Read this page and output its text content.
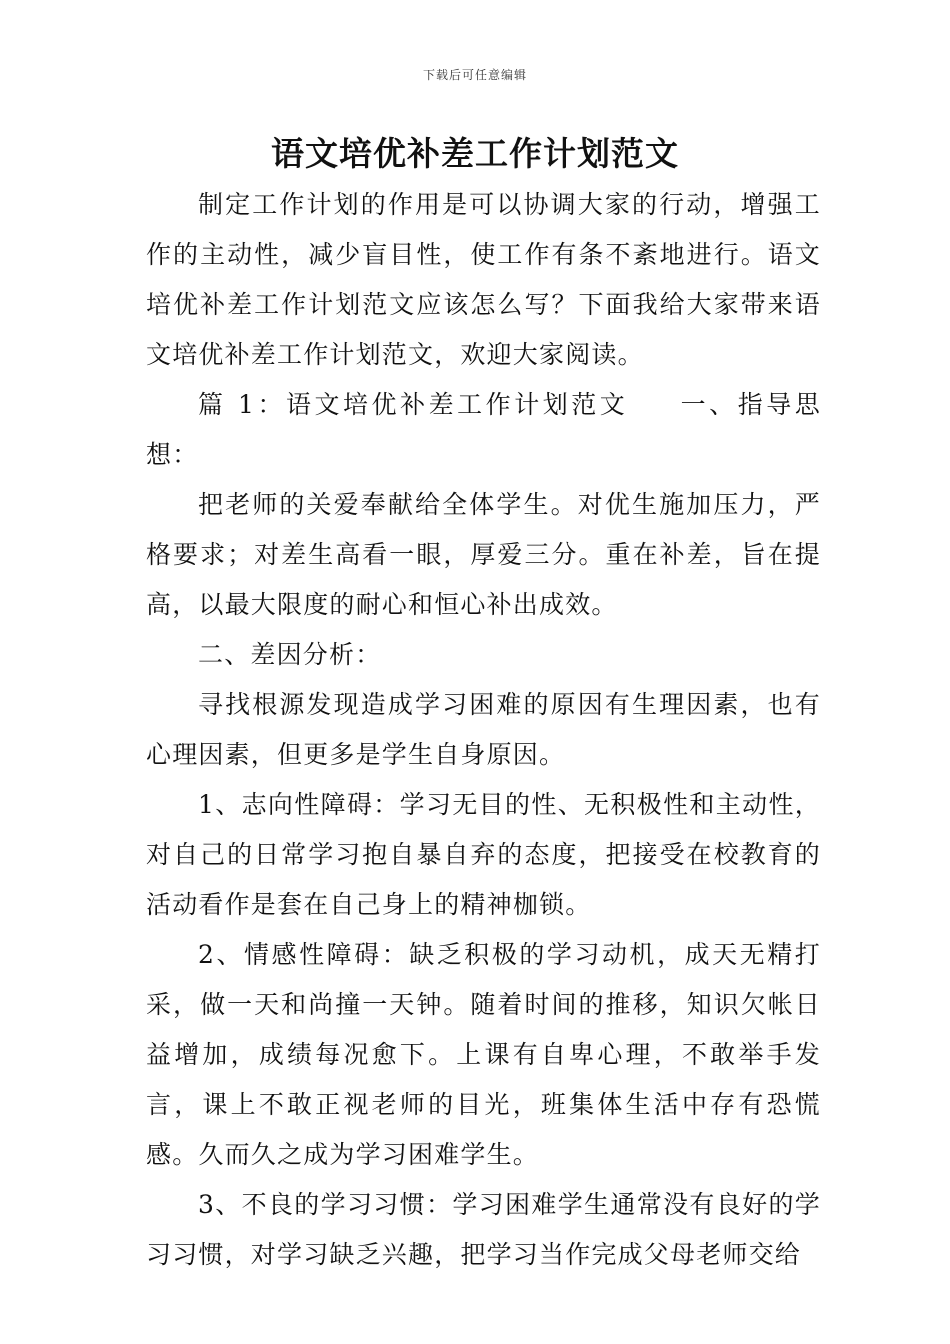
下载后可任意编辑
语文培优补差工作计划范文

制定工作计划的作用是可以协调大家的行动，增强工作的主动性，减少盲目性，使工作有条不紊地进行。语文培优补差工作计划范文应该怎么写？下面我给大家带来语文培优补差工作计划范文，欢迎大家阅读。

篇 1：语文培优补差工作计划范文 一、指导思想：

把老师的关爱奉献给全体学生。对优生施加压力，严格要求；对差生高看一眼，厚爱三分。重在补差，旨在提高，以最大限度的耐心和恒心补出成效。

二、差因分析：

寻找根源发现造成学习困难的原因有生理因素，也有心理因素，但更多是学生自身原因。

1、志向性障碍：学习无目的性、无积极性和主动性，对自己的日常学习抱自暴自弃的态度，把接受在校教育的活动看作是套在自己身上的精神枷锁。

2、情感性障碍：缺乏积极的学习动机，成天无精打采，做一天和尚撞一天钟。随着时间的推移，知识欠帐日益增加，成绩每况愈下。上课有自卑心理，不敢举手发言，课上不敢正视老师的目光，班集体生活中存有恐慌感。久而久之成为学习困难学生。

3、不良的学习习惯：学习困难学生通常没有良好的学习习惯，对学习缺乏兴趣，把学习当作完成父母老师交给
